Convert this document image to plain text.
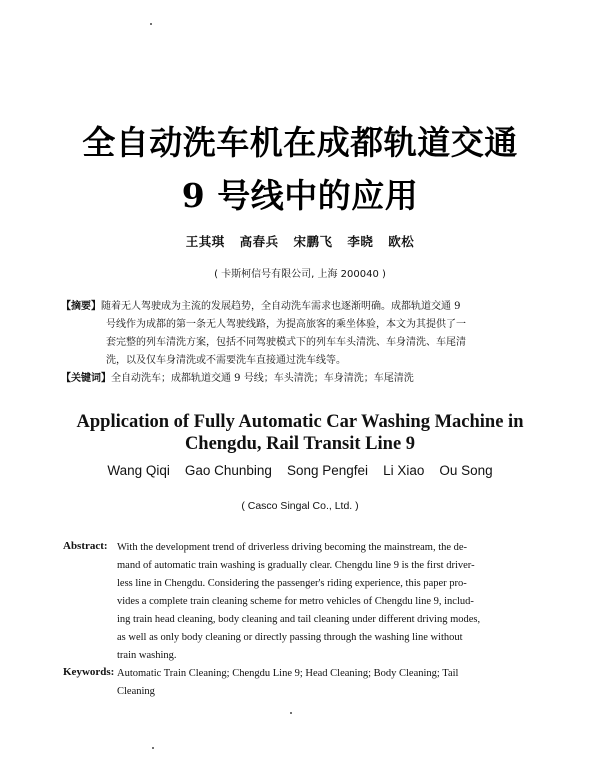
全自动洗车机在成都轨道交通
9 号线中的应用
王其琪 高春兵 宋鹏飞 李晓 欧松
( 卡斯柯信号有限公司, 上海 200040 )
【摘要】随着无人驾驶成为主流的发展趋势，全自动洗车需求也逐渐明确。成都轨道交通 9
号线作为成都的第一条无人驾驶线路，为提高旅客的乘坐体验，本文为其提供了一
套完整的列车清洗方案，包括不同驾驶模式下的列车车头清洗、车身清洗、车尾清
洗，以及仅车身清洗或不需要洗车直接通过洗车线等。
【关键词】全自动洗车；成都轨道交通 9 号线；车头清洗；车身清洗；车尾清洗
Application of Fully Automatic Car Washing Machine in
Chengdu, Rail Transit Line 9
Wang Qiqi Gao Chunbing Song Pengfei Li Xiao Ou Song
( Casco Singal Co., Ltd. )
Abstract: With the development trend of driverless driving becoming the mainstream, the de-
mand of automatic train washing is gradually clear. Chengdu line 9 is the first driver-
less line in Chengdu. Considering the passenger's riding experience, this paper pro-
vides a complete train cleaning scheme for metro vehicles of Chengdu line 9, includ-
ing train head cleaning, body cleaning and tail cleaning under different driving modes,
as well as only body cleaning or directly passing through the washing line without
train washing.
Keywords: Automatic Train Cleaning; Chengdu Line 9; Head Cleaning; Body Cleaning; Tail
Cleaning
